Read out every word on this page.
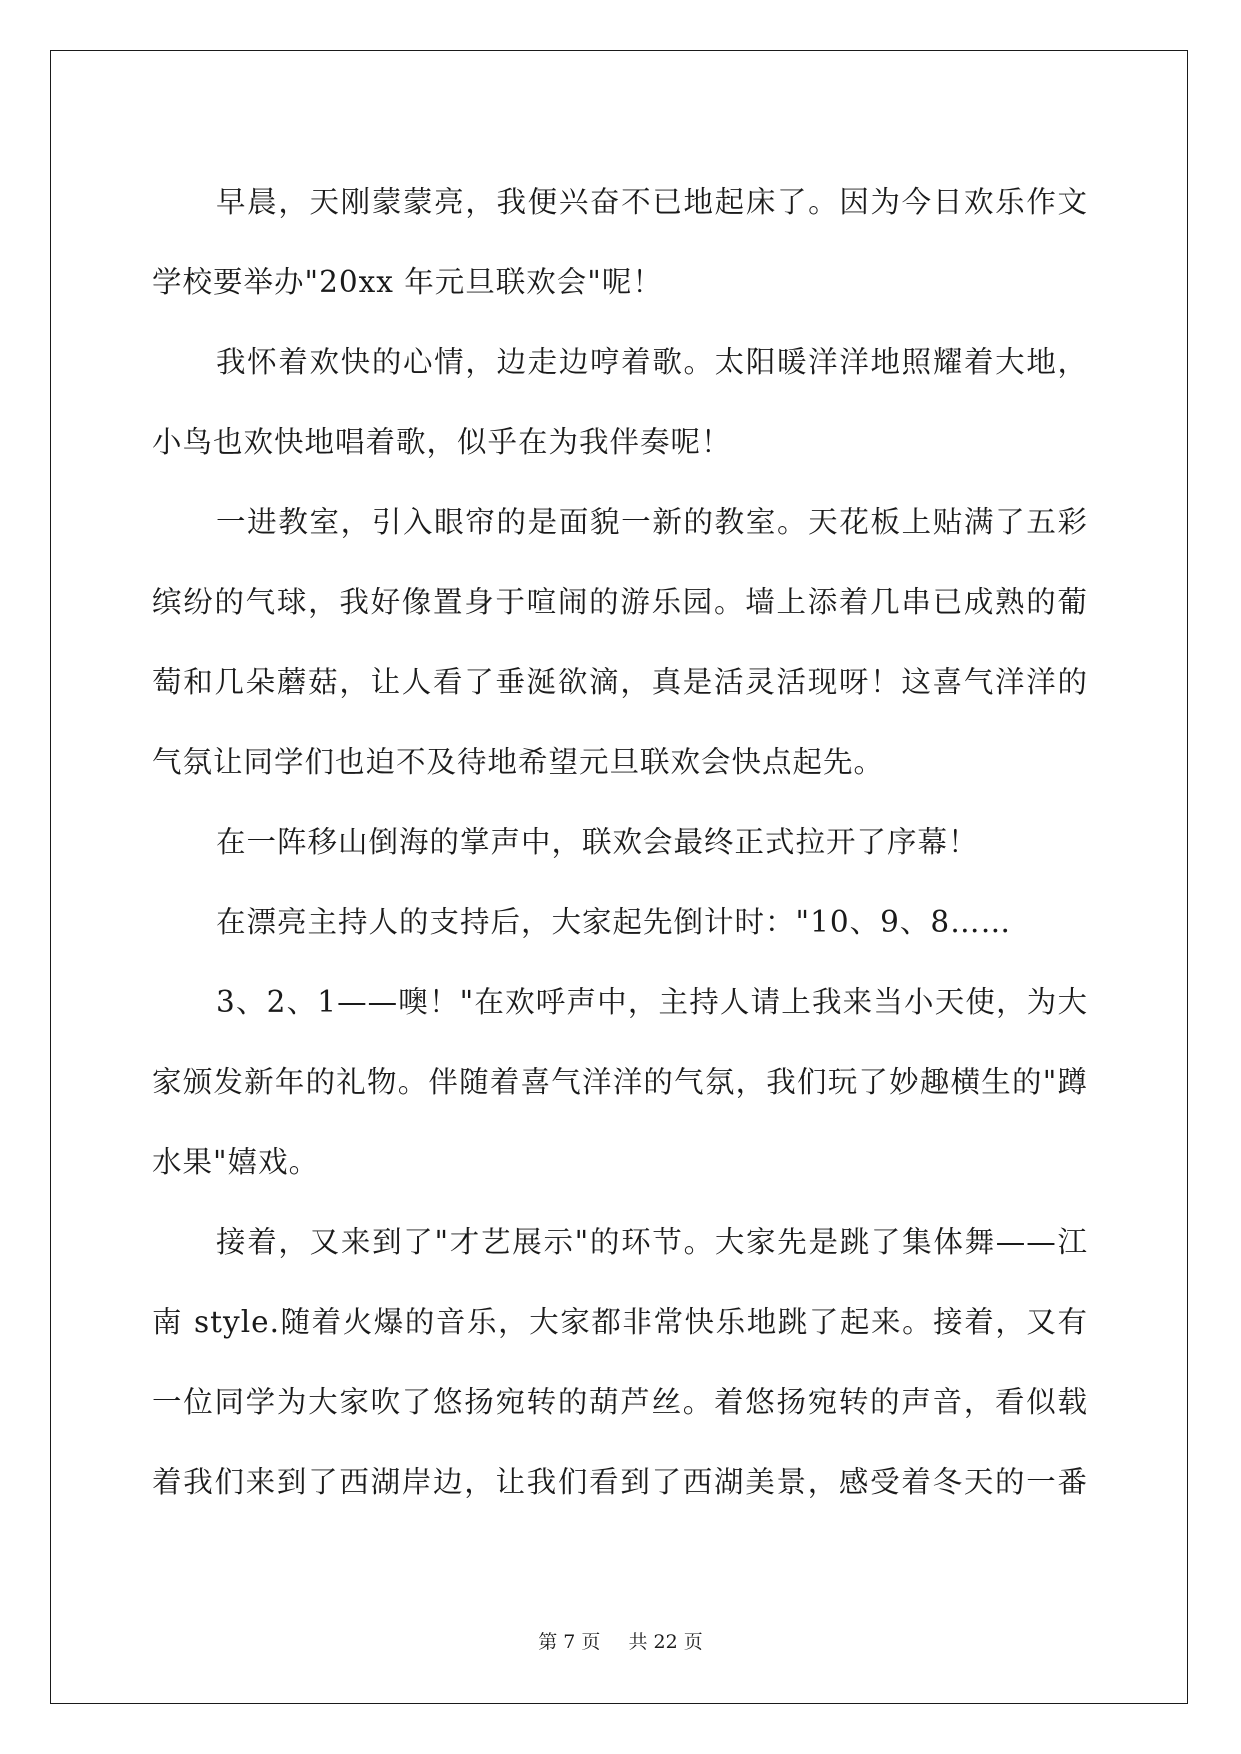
早晨，天刚蒙蒙亮，我便兴奋不已地起床了。因为今日欢乐作文
学校要举办"20xx 年元旦联欢会"呢！
我怀着欢快的心情，边走边哼着歌。太阳暖洋洋地照耀着大地，
小鸟也欢快地唱着歌，似乎在为我伴奏呢！
一进教室，引入眼帘的是面貌一新的教室。天花板上贴满了五彩
缤纷的气球，我好像置身于喧闹的游乐园。墙上添着几串已成熟的葡
萄和几朵蘑菇，让人看了垂涎欲滴，真是活灵活现呀！这喜气洋洋的
气氛让同学们也迫不及待地希望元旦联欢会快点起先。
在一阵移山倒海的掌声中，联欢会最终正式拉开了序幕！
在漂亮主持人的支持后，大家起先倒计时："10、9、8……
3、2、1——噢！"在欢呼声中，主持人请上我来当小天使，为大
家颁发新年的礼物。伴随着喜气洋洋的气氛，我们玩了妙趣横生的"蹲
水果"嬉戏。
接着，又来到了"才艺展示"的环节。大家先是跳了集体舞——江
南 style.随着火爆的音乐，大家都非常快乐地跳了起来。接着，又有
一位同学为大家吹了悠扬宛转的葫芦丝。着悠扬宛转的声音，看似载
着我们来到了西湖岸边，让我们看到了西湖美景，感受着冬天的一番
第 7 页 共 22 页
